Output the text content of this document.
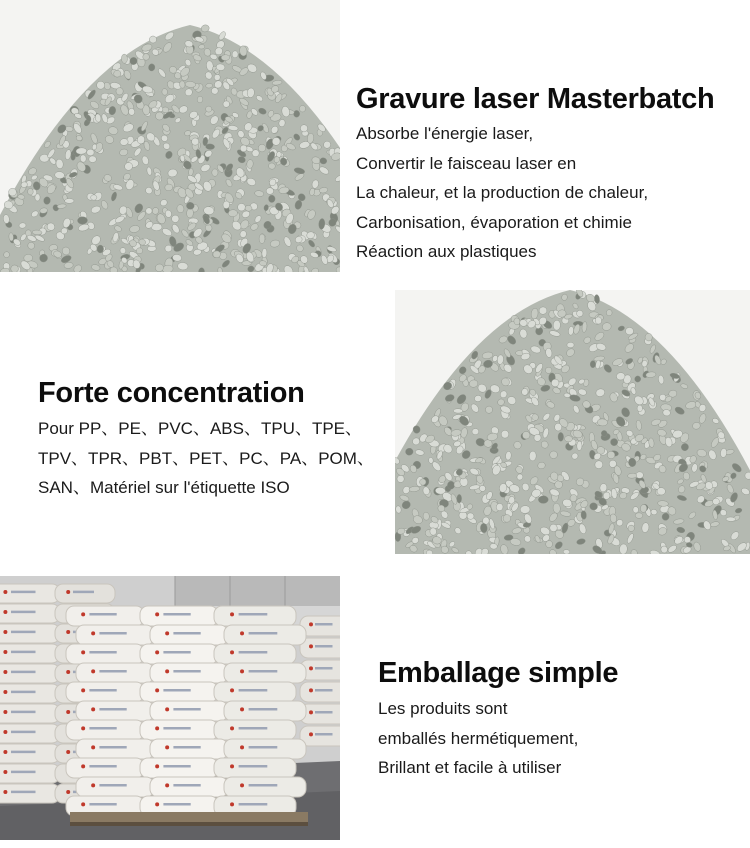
Gravure laser Masterbatch
Absorbe l'énergie laser,
Convertir le faisceau laser en
La chaleur, et la production de chaleur,
Carbonisation, évaporation et chimie
Réaction aux plastiques
Forte concentration
Pour PP、PE、PVC、ABS、TPU、TPE、
TPV、TPR、PBT、PET、PC、PA、POM、
SAN、Matériel sur l'étiquette ISO
Emballage simple
Les produits sont
emballés hermétiquement,
Brillant et facile à utiliser
